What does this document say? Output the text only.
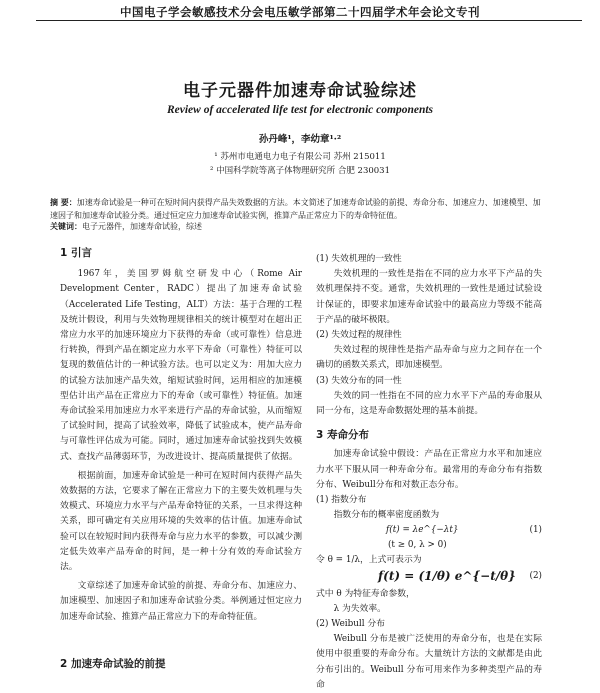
中国电子学会敏感技术分会电压敏学部第二十四届学术年会论文专刊
电子元器件加速寿命试验综述
Review of accelerated life test for electronic components
孙丹峰¹，李幼章¹·²
¹ 苏州市电通电力电子有限公司 苏州 215011
² 中国科学院等离子体物理研究所 合肥 230031
摘 要：加速寿命试验是一种可在短时间内获得产品失效数据的方法。本文简述了加速寿命试验的前提、寿命分布、加速应力、加速模型、加速因子和加速寿命试验分类。通过恒定应力加速寿命试验实例，推算产品正常应力下的寿命特征值。
关键词：电子元器件，加速寿命试验，综述
1 引言

1967年，美国罗姆航空研发中心（Rome Air Development Center，RADC）提出了加速寿命试验（Accelerated Life Testing，ALT）方法：基于合理的工程及统计假设，利用与失效物理规律相关的统计模型对在超出正常应力水平的加速环境应力下获得的寿命（或可靠性）信息进行转换，得到产品在额定应力水平下寿命（可靠性）特征可以复现的数值估计的一种试验方法。也可以定义为：用加大应力的试验方法加速产品失效，缩短试验时间，运用相应的加速模型估计出产品在正常应力下的寿命（或可靠性）特征值。加速寿命试验采用加速应力水平来进行产品的寿命试验，从而缩短了试验时间，提高了试验效率，降低了试验成本，使产品寿命与可靠性评估成为可能。同时，通过加速寿命试验找到失效模式、查找产品薄弱环节，为改进设计、提高质量提供了依据。

根据前面，加速寿命试验是一种可在短时间内获得产品失效数据的方法，它要求了解在正常应力下的主要失效机理与失效模式、环境应力水平与产品寿命特征的关系，一旦求得这种关系，即可确定有关应用环境的失效率的估计值。加速寿命试验可以在较短时间内获得寿命与应力水平的参数，可以减少测定低失效率产品寿命的时间，是一种十分有效的寿命试验方法。

文章综述了加速寿命试验的前提、寿命分布、加速应力、加速模型、加速因子和加速寿命试验分类。举例通过恒定应力加速寿命试验、推算产品正常应力下的寿命特征值。

2 加速寿命试验的前提

(1) 失效机理的一致性

失效机理的一致性是指在不同的应力水平下产品的失效机理保持不变。通常，失效机理的一致性是通过试验设计保证的，即要求加速寿命试验中的最高应力等级不能高于产品的破坏极限。

(2) 失效过程的规律性

失效过程的规律性是指产品寿命与应力之间存在一个确切的函数关系式，即加速模型。

(3) 失效分布的同一性

失效的同一性指在不同的应力水平下产品的寿命服从同一分布，这是寿命数据处理的基本前提。

3 寿命分布

加速寿命试验中假设：产品在正常应力水平和加速应力水平下服从同一种寿命分布。最常用的寿命分布有指数分布、Weibull分布和对数正态分布。

(1) 指数分布

指数分布的概率密度函数为

f(t) = λe^{−λt}	(1)
(t ≥ 0, λ > 0)

令 θ = 1/λ，上式可表示为

f(t) = (1/θ) e^{−t/θ} (2)

式中 θ 为特征寿命参数，

λ 为失效率。

(2) Weibull 分布

Weibull 分布是被广泛使用的寿命分布，也是在实际使用中很重要的寿命分布。大量统计方法的文献都是由此分布引出的。Weibull 分布可用来作为多种类型产品的寿命
